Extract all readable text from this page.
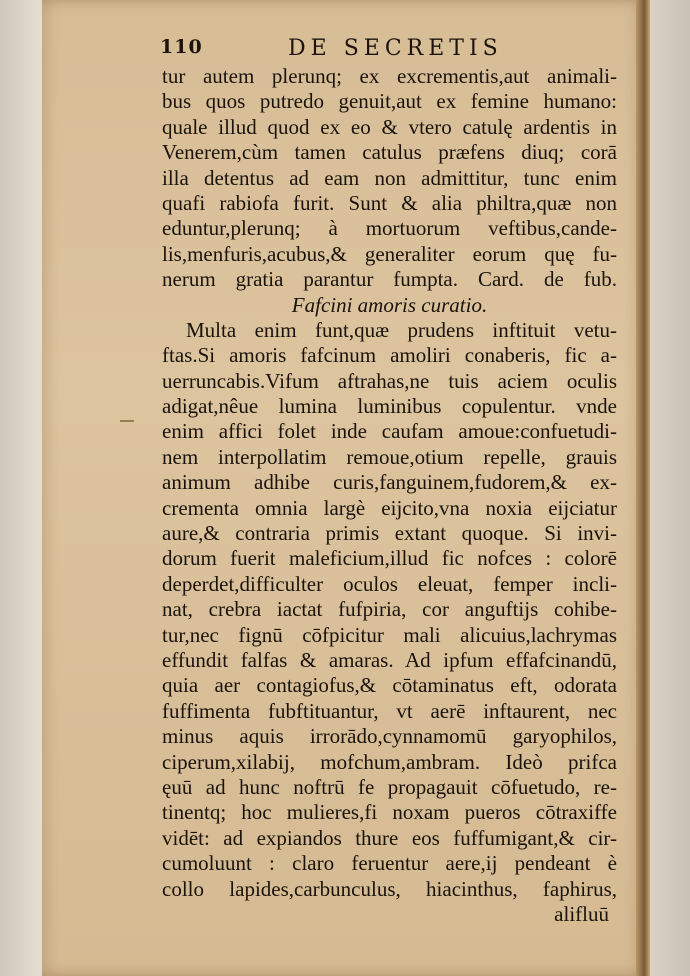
110	DE SECRETIS
tur autem plerunq; ex excrementis,aut animali-
bus quos putredo genuit,aut ex femine humano:
quale illud quod ex eo & vtero catulę ardentis in
Venerem,cùm tamen catulus præfens diuq; corā
illa detentus ad eam non admittitur, tunc enim
quafi rabiofa furit. Sunt & alia philtra,quæ non
eduntur,plerunq; à mortuorum veftibus,cande-
lis,menfuris,acubus,& generaliter eorum quę fu-
nerum gratia parantur fumpta. Card. de fub.
Fafcini amoris curatio.
Multa enim funt,quæ prudens inftituit vetu-
ftas.Si amoris fafcinum amoliri conaberis, fic a-
uerruncabis.Vifum aftrahas,ne tuis aciem oculis
adigat,nêue lumina luminibus copulentur. vnde
enim affici folet inde caufam amoue:confuetudi-
nem interpollatim remoue,otium repelle, grauis
animum adhibe curis,fanguinem,fudorem,& ex-
crementa omnia largè eijcito,vna noxia eijciatur
aure,& contraria primis extant quoque. Si invi-
dorum fuerit maleficium,illud fic nofces : colorē
deperdet,difficulter oculos eleuat, femper incli-
nat, crebra iactat fufpiria, cor anguftijs cohibe-
tur,nec fignū cōfpicitur mali alicuius,lachrymas
effundit falfas & amaras. Ad ipfum effafcinandū,
quia aer contagiofus,& cōtaminatus eft, odorata
fuffimenta fubftituantur, vt aerē inftaurent, nec
minus aquis irrorādo,cynnamomū garyophilos,
ciperum,xilabij, mofchum,ambram. Ideò prifca
ęuū ad hunc noftrū fe propagauit cōfuetudo, re-
tinentq; hoc mulieres,fi noxam pueros cōtraxiffe
vidēt: ad expiandos thure eos fuffumigant,& cir-
cumoluunt : claro feruentur aere,ij pendeant è
collo lapides,carbunculus, hiacinthus, faphirus,
alifluū
